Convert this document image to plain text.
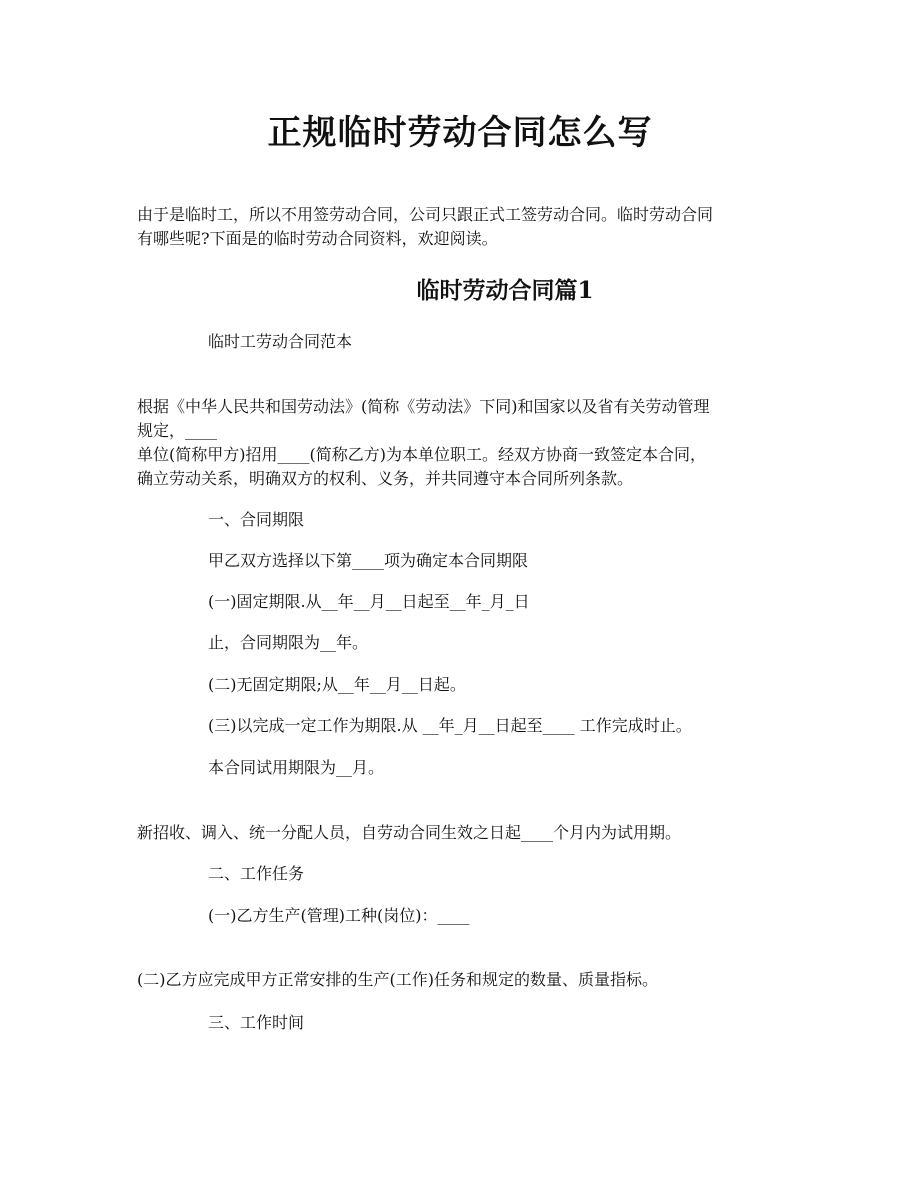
正规临时劳动合同怎么写

由于是临时工，所以不用签劳动合同，公司只跟正式工签劳动合同。临时劳动合同

有哪些呢?下面是的临时劳动合同资料，欢迎阅读。

临时劳动合同篇1

临时工劳动合同范本

根据《中华人民共和国劳动法》(简称《劳动法》下同)和国家以及省有关劳动管理

规定，____

单位(简称甲方)招用____(简称乙方)为本单位职工。经双方协商一致签定本合同，

确立劳动关系，明确双方的权利、义务，并共同遵守本合同所列条款。

一、合同期限

甲乙双方选择以下第____项为确定本合同期限

(一)固定期限.从__年__月__日起至__年_月_日

止，合同期限为__年。

(二)无固定期限;从__年__月__日起。

(三)以完成一定工作为期限.从 __年_月__日起至____ 工作完成时止。

本合同试用期限为__月。

新招收、调入、统一分配人员，自劳动合同生效之日起____个月内为试用期。

二、工作任务

(一)乙方生产(管理)工种(岗位)：____

(二)乙方应完成甲方正常安排的生产(工作)任务和规定的数量、质量指标。

三、工作时间
